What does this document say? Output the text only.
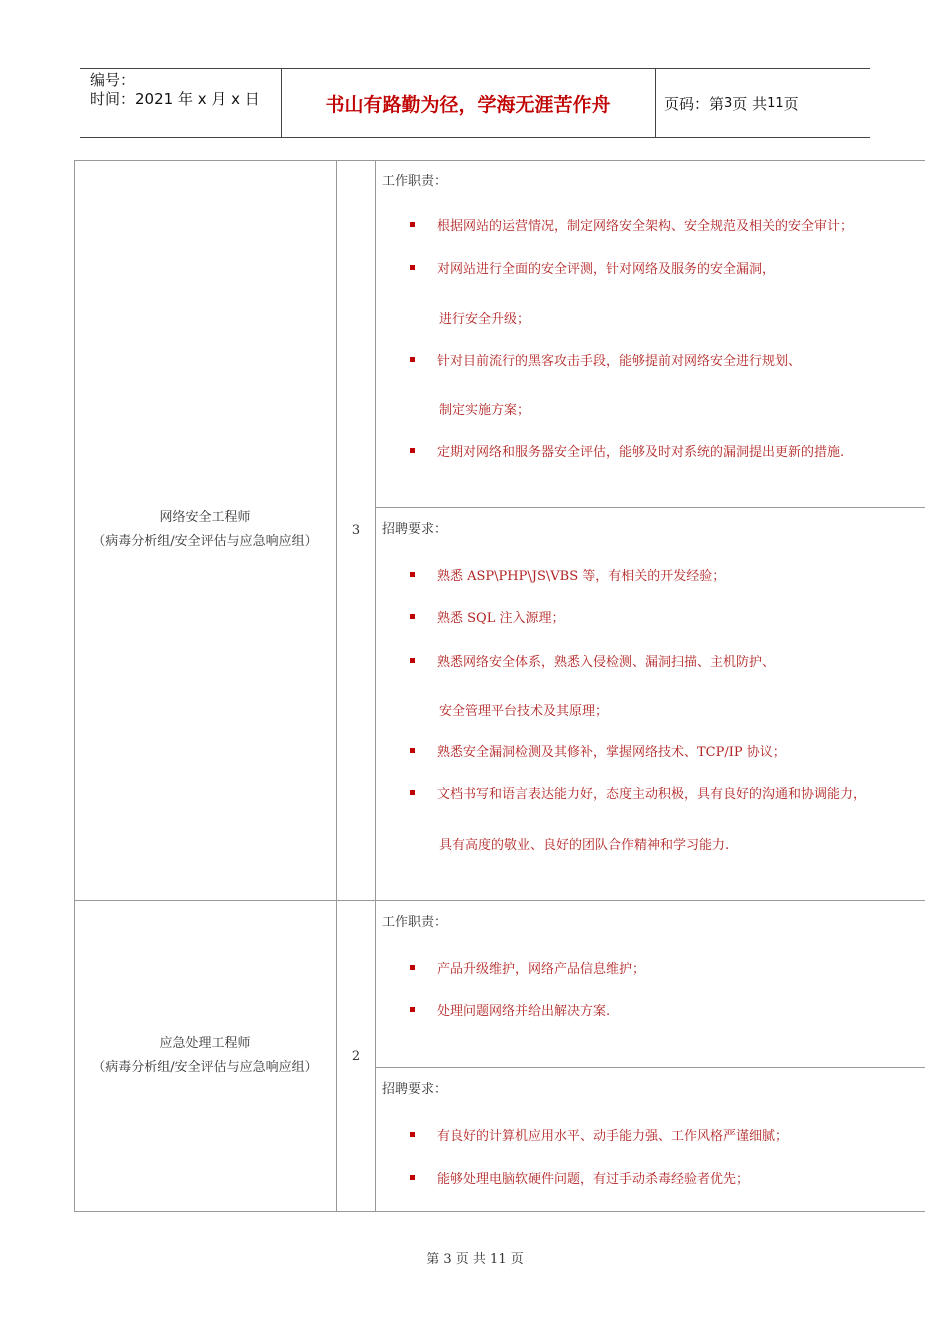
编号：
时间：2021 年 x 月 x 日	书山有路勤为径，学海无涯苦作舟	页码：第 3 页 共 11 页
网络安全工程师
（病毒分析组/安全评估与应急响应组）
3
工作职责：
根据网站的运营情况，制定网络安全架构、安全规范及相关的安全审计；
对网站进行全面的安全评测，针对网络及服务的安全漏洞，
进行安全升级；
针对目前流行的黑客攻击手段，能够提前对网络安全进行规划、
制定实施方案；
定期对网络和服务器安全评估，能够及时对系统的漏洞提出更新的措施.
招聘要求：
熟悉 ASP\PHP\JS\VBS 等，有相关的开发经验；
熟悉 SQL 注入源理；
熟悉网络安全体系，熟悉入侵检测、漏洞扫描、主机防护、
安全管理平台技术及其原理；
熟悉安全漏洞检测及其修补，掌握网络技术、TCP/IP 协议；
文档书写和语言表达能力好，态度主动积极，具有良好的沟通和协调能力，
具有高度的敬业、良好的团队合作精神和学习能力.
应急处理工程师
（病毒分析组/安全评估与应急响应组）
2
工作职责：
产品升级维护，网络产品信息维护；
处理问题网络并给出解决方案.
招聘要求：
有良好的计算机应用水平、动手能力强、工作风格严谨细腻；
能够处理电脑软硬件问题，有过手动杀毒经验者优先；
第 3 页 共 11 页
